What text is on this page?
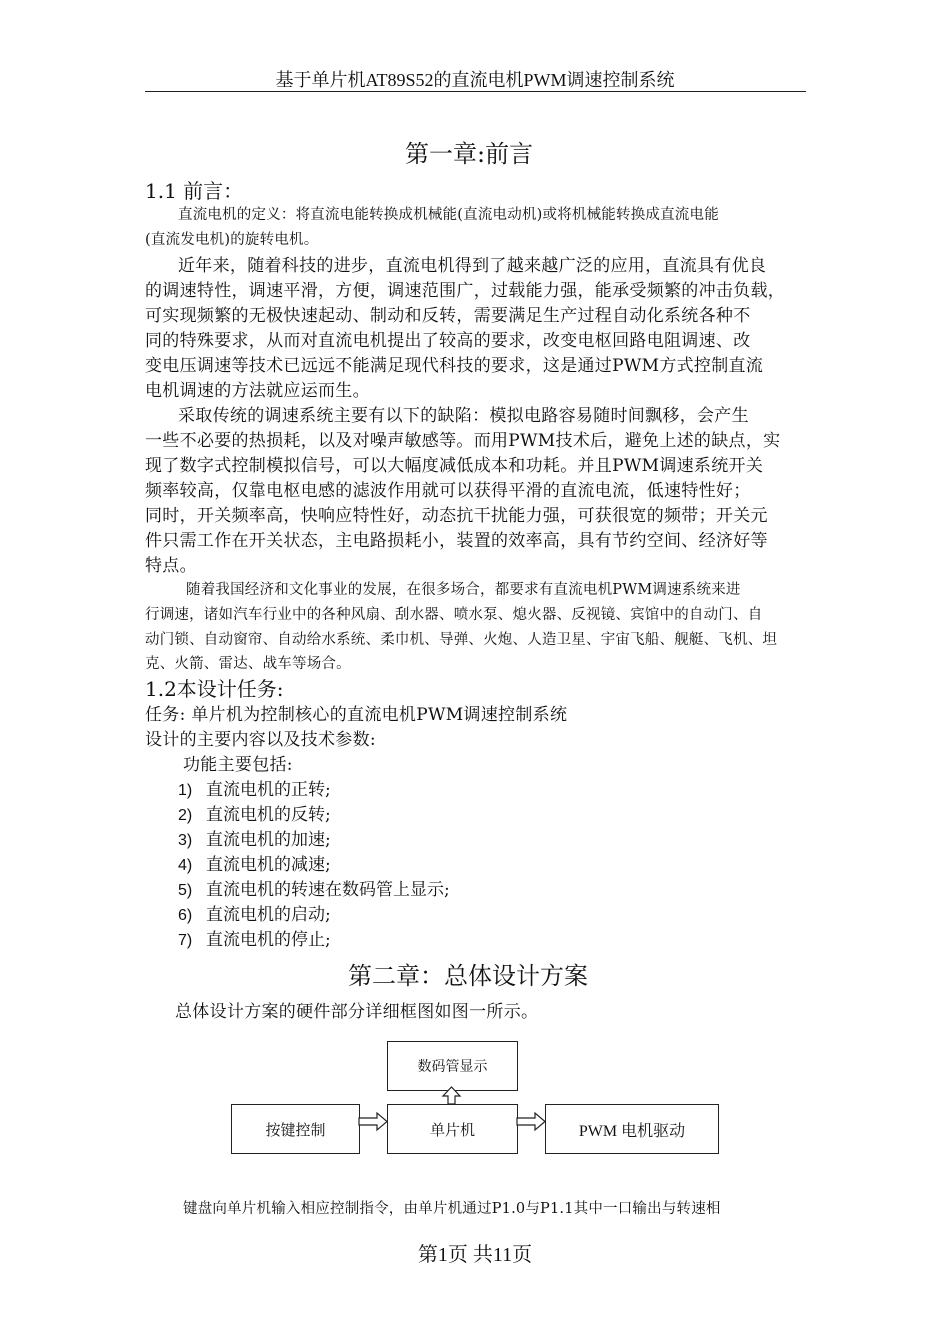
基于单片机AT89S52的直流电机PWM调速控制系统
第一章:前言
1.1 前言：
直流电机的定义：将直流电能转换成机械能(直流电动机)或将机械能转换成直流电能
(直流发电机)的旋转电机。
近年来，随着科技的进步，直流电机得到了越来越广泛的应用，直流具有优良
的调速特性，调速平滑，方便，调速范围广，过载能力强，能承受频繁的冲击负载，
可实现频繁的无极快速起动、制动和反转，需要满足生产过程自动化系统各种不
同的特殊要求，从而对直流电机提出了较高的要求，改变电枢回路电阻调速、改
变电压调速等技术已远远不能满足现代科技的要求，这是通过PWM方式控制直流
电机调速的方法就应运而生。
采取传统的调速系统主要有以下的缺陷：模拟电路容易随时间飘移，会产生
一些不必要的热损耗，以及对噪声敏感等。而用PWM技术后，避免上述的缺点，实
现了数字式控制模拟信号，可以大幅度减低成本和功耗。并且PWM调速系统开关
频率较高，仅靠电枢电感的滤波作用就可以获得平滑的直流电流，低速特性好；
同时，开关频率高，快响应特性好，动态抗干扰能力强，可获很宽的频带；开关元
件只需工作在开关状态，主电路损耗小，装置的效率高，具有节约空间、经济好等
特点。
随着我国经济和文化事业的发展，在很多场合，都要求有直流电机PWM调速系统来进
行调速，诸如汽车行业中的各种风扇、刮水器、喷水泵、熄火器、反视镜、宾馆中的自动门、自
动门锁、自动窗帘、自动给水系统、柔巾机、导弹、火炮、人造卫星、宇宙飞船、舰艇、飞机、坦
克、火箭、雷达、战车等场合。
1.2本设计任务:
任务: 单片机为控制核心的直流电机PWM调速控制系统
设计的主要内容以及技术参数:
功能主要包括:
1) 直流电机的正转;
2) 直流电机的反转;
3) 直流电机的加速;
4) 直流电机的减速;
5) 直流电机的转速在数码管上显示;
6) 直流电机的启动;
7) 直流电机的停止;
第二章：总体设计方案
总体设计方案的硬件部分详细框图如图一所示。
数码管显示
按键控制	单片机	PWM 电机驱动
键盘向单片机输入相应控制指令，由单片机通过P1.0与P1.1其中一口输出与转速相
第1页 共11页
